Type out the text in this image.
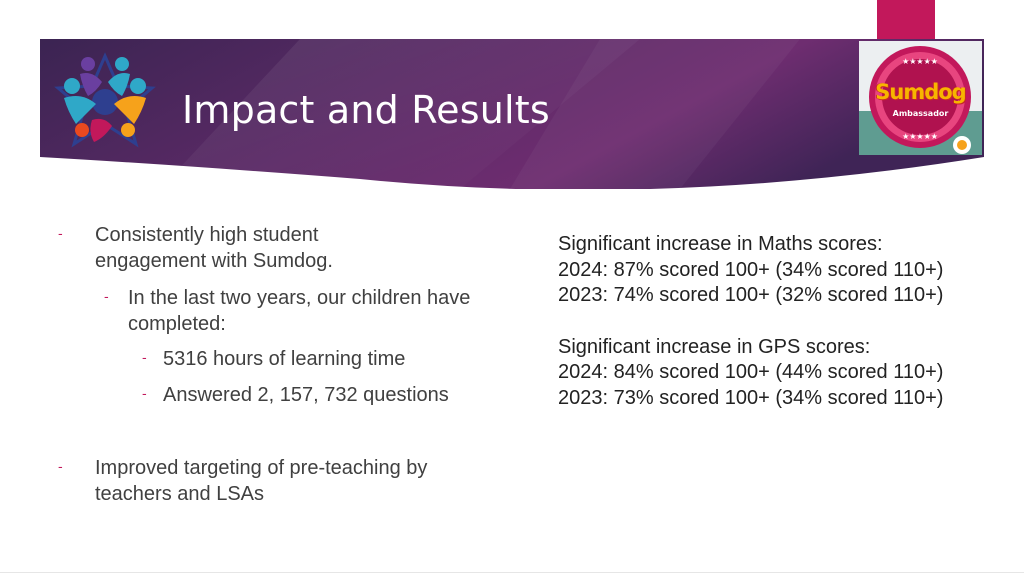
Impact and Results
★★★★★
★★★★★
Sumdog
Ambassador
- Consistently high student engagement with Sumdog.
- In the last two years, our children have completed:
- 5316 hours of learning time
- Answered 2, 157, 732 questions
- Improved targeting of pre-teaching by teachers and LSAs
Significant increase in Maths scores:
2024: 87% scored 100+ (34% scored 110+)
2023: 74% scored 100+ (32% scored 110+)
Significant increase in GPS scores:
2024: 84% scored 100+ (44% scored 110+)
2023: 73% scored 100+ (34% scored 110+)
